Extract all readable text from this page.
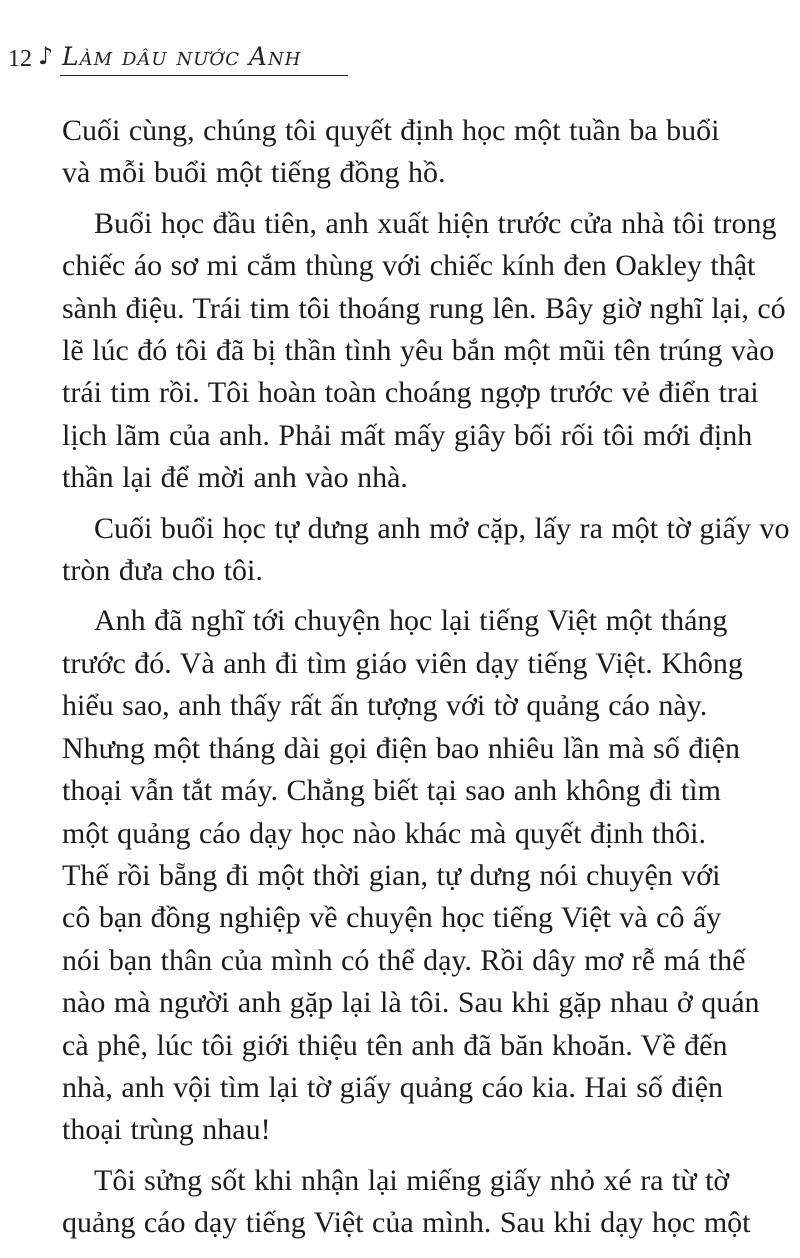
12 ♪ Làm dâu nước Anh

Cuối cùng, chúng tôi quyết định học một tuần ba buổi
và mỗi buổi một tiếng đồng hồ.

Buổi học đầu tiên, anh xuất hiện trước cửa nhà tôi trong
chiếc áo sơ mi cắm thùng với chiếc kính đen Oakley thật
sành điệu. Trái tim tôi thoáng rung lên. Bây giờ nghĩ lại, có
lẽ lúc đó tôi đã bị thần tình yêu bắn một mũi tên trúng vào
trái tim rồi. Tôi hoàn toàn choáng ngợp trước vẻ điển trai
lịch lãm của anh. Phải mất mấy giây bối rối tôi mới định
thần lại để mời anh vào nhà.

Cuối buổi học tự dưng anh mở cặp, lấy ra một tờ giấy vo
tròn đưa cho tôi.

Anh đã nghĩ tới chuyện học lại tiếng Việt một tháng
trước đó. Và anh đi tìm giáo viên dạy tiếng Việt. Không
hiểu sao, anh thấy rất ấn tượng với tờ quảng cáo này.
Nhưng một tháng dài gọi điện bao nhiêu lần mà số điện
thoại vẫn tắt máy. Chẳng biết tại sao anh không đi tìm
một quảng cáo dạy học nào khác mà quyết định thôi.
Thế rồi bẵng đi một thời gian, tự dưng nói chuyện với
cô bạn đồng nghiệp về chuyện học tiếng Việt và cô ấy
nói bạn thân của mình có thể dạy. Rồi dây mơ rễ má thế
nào mà người anh gặp lại là tôi. Sau khi gặp nhau ở quán
cà phê, lúc tôi giới thiệu tên anh đã băn khoăn. Về đến
nhà, anh vội tìm lại tờ giấy quảng cáo kia. Hai số điện
thoại trùng nhau!

Tôi sửng sốt khi nhận lại miếng giấy nhỏ xé ra từ tờ
quảng cáo dạy tiếng Việt của mình. Sau khi dạy học một
